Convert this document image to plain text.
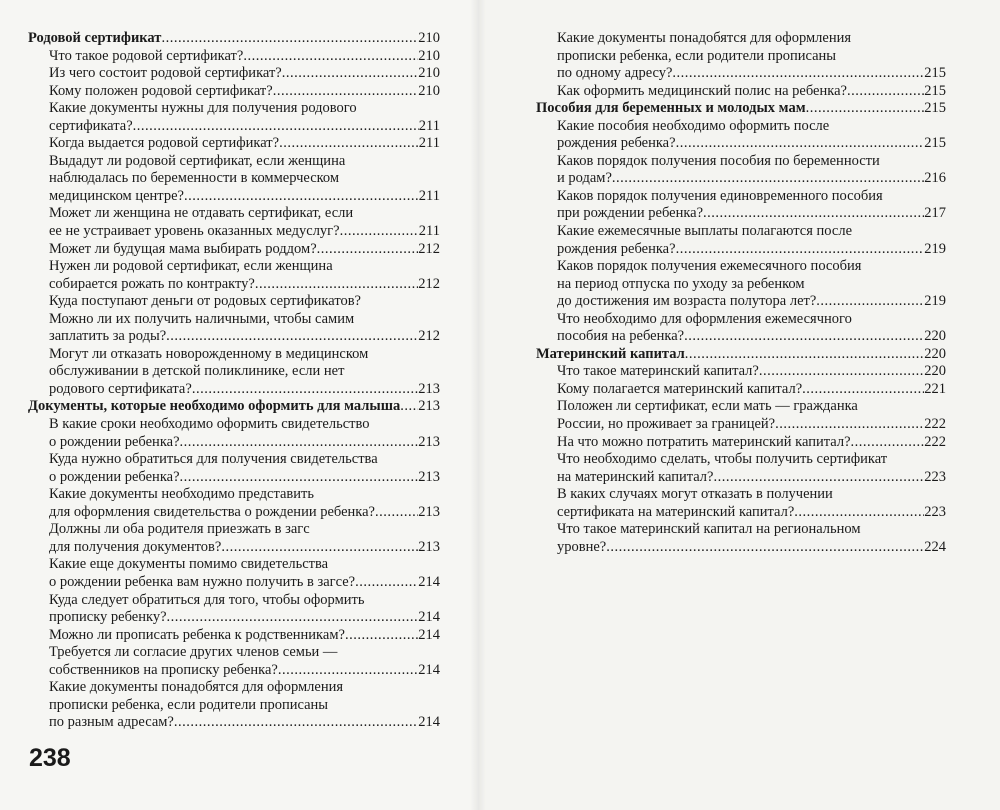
Родовой сертификат .....	210
Что такое родовой сертификат? .....	210
Из чего состоит родовой сертификат? .....	210
Кому положен родовой сертификат? .....	210
Какие документы нужны для получения родового
сертификата? .....	211
Когда выдается родовой сертификат? .....	211
Выдадут ли родовой сертификат, если женщина
наблюдалась по беременности в коммерческом
медицинском центре? .....	211
Может ли женщина не отдавать сертификат, если
ее не устраивает уровень оказанных медуслуг? .....	211
Может ли будущая мама выбирать роддом? .....	212
Нужен ли родовой сертификат, если женщина
собирается рожать по контракту? .....	212
Куда поступают деньги от родовых сертификатов?
Можно ли их получить наличными, чтобы самим
заплатить за роды? .....	212
Могут ли отказать новорожденному в медицинском
обслуживании в детской поликлинике, если нет
родового сертификата? .....	213
Документы, которые необходимо оформить для малыша ..... 213
В какие сроки необходимо оформить свидетельство
о рождении ребенка? .....	213
Куда нужно обратиться для получения свидетельства
о рождении ребенка? .....	213
Какие документы необходимо представить
для оформления свидетельства о рождении ребенка? .....	213
Должны ли оба родителя приезжать в загс
для получения документов? .....	213
Какие еще документы помимо свидетельства
о рождении ребенка вам нужно получить в загсе? .....	214
Куда следует обратиться для того, чтобы оформить
прописку ребенку? .....	214
Можно ли прописать ребенка к родственникам? .....	214
Требуется ли согласие других членов семьи —
собственников на прописку ребенка? .....	214
Какие документы понадобятся для оформления
прописки ребенка, если родители прописаны
по разным адресам? .....	214
Какие документы понадобятся для оформления
прописки ребенка, если родители прописаны
по одному адресу? .....	215
Как оформить медицинский полис на ребенка? .....	215
Пособия для беременных и молодых мам .....	215
Какие пособия необходимо оформить после
рождения ребенка? .....	215
Каков порядок получения пособия по беременности
и родам? .....	216
Каков порядок получения единовременного пособия
при рождении ребенка? .....	217
Какие ежемесячные выплаты полагаются после
рождения ребенка? .....	219
Каков порядок получения ежемесячного пособия
на период отпуска по уходу за ребенком
до достижения им возраста полутора лет? .....	219
Что необходимо для оформления ежемесячного
пособия на ребенка? .....	220
Материнский капитал .....	220
Что такое материнский капитал? .....	220
Кому полагается материнский капитал? .....	221
Положен ли сертификат, если мать — гражданка
России, но проживает за границей? .....	222
На что можно потратить материнский капитал? .....	222
Что необходимо сделать, чтобы получить сертификат
на материнский капитал? .....	223
В каких случаях могут отказать в получении
сертификата на материнский капитал? .....	223
Что такое материнский капитал на региональном
уровне? .....	224
238
